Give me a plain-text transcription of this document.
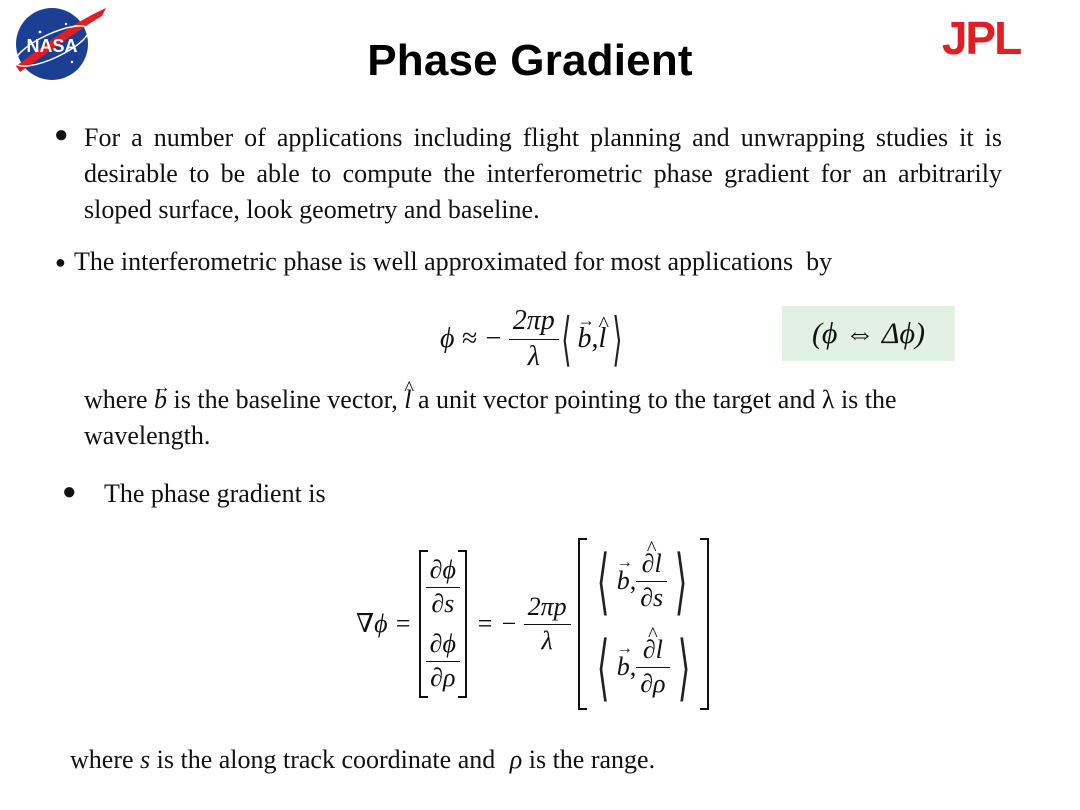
NASA	JPL
Phase Gradient
● For a number of applications including flight planning and unwrapping studies it is desirable to be able to compute the interferometric phase gradient for an arbitrarily sloped surface, look geometry and baseline.
● The interferometric phase is well approximated for most applications  by
ϕ ≈ − $\frac{2\pi p}{\lambda}$ ⟨ → b , ^ l ⟩	(ϕ ⇔ Δϕ)
where → b is the baseline vector, ^ l a unit vector pointing to the target and λ is the wavelength.
● The phase gradient is
∇ϕ =
$\frac{\partial\phi}{\partial s}$
$\frac{\partial\phi}{\partial\rho}$
= − $\frac{2\pi p}{\lambda}$
⟨ → b , ^ $\frac{\partial l}{\partial s}$ ⟩
⟨ → b , ^ $\frac{\partial l}{\partial\rho}$ ⟩
where s is the along track coordinate and ρ is the range.
